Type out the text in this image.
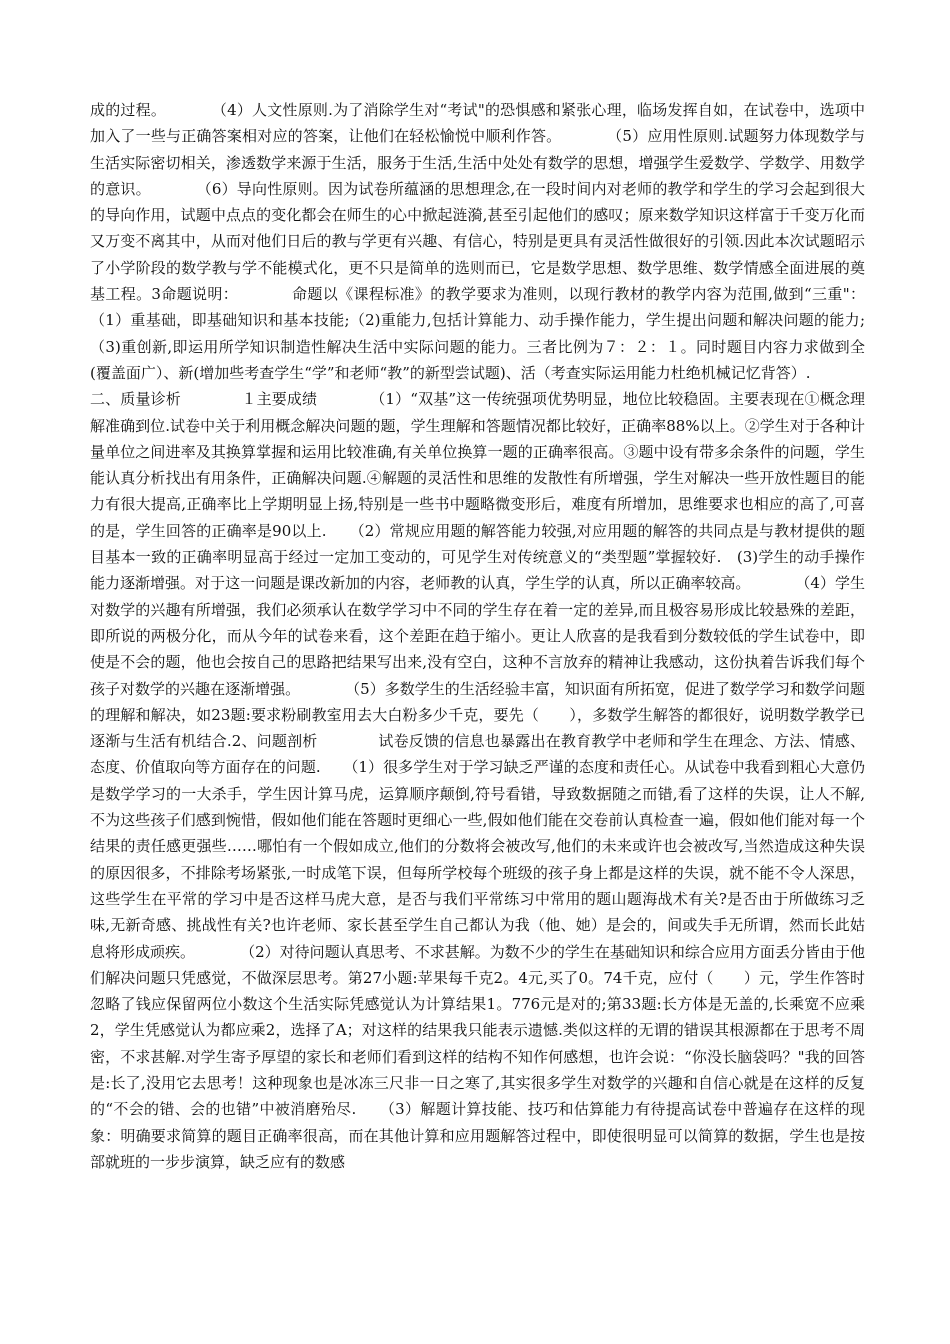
成的过程。　　　　（4）人文性原则.为了消除学生对“考试"的恐惧感和紧张心理，临场发挥自如，在试卷中，选项中加入了一些与正确答案相对应的答案，让他们在轻松愉悦中顺利作答。　　　　（5）应用性原则.试题努力体现数学与生活实际密切相关，渗透数学来源于生活，服务于生活,生活中处处有数学的思想，增强学生爱数学、学数学、用数学的意识。　　　　（6）导向性原则。因为试卷所蕴涵的思想理念,在一段时间内对老师的教学和学生的学习会起到很大的导向作用，试题中点点的变化都会在师生的心中掀起涟漪,甚至引起他们的感叹；原来数学知识这样富于千变万化而又万变不离其中，从而对他们日后的教与学更有兴趣、有信心，特别是更具有灵活性做很好的引领.因此本次试题昭示了小学阶段的数学教与学不能模式化，更不只是简单的选则而已，它是数学思想、数学思维、数学情感全面进展的奠基工程。3命题说明：　　　　命题以《课程标准》的教学要求为准则，以现行教材的教学内容为范围,做到“三重"：（1）重基础，即基础知识和基本技能;（2)重能力,包括计算能力、动手操作能力，学生提出问题和解决问题的能力;（3)重创新,即运用所学知识制造性解决生活中实际问题的能力。三者比例为７：２：１。同时题目内容力求做到全(覆盖面广）、新(增加些考查学生“学”和老师“教”的新型尝试题)、活（考查实际运用能力杜绝机械记忆背答）.

二、质量诊析　　　　１主要成绩　　　　（1）“双基”这一传统强项优势明显，地位比较稳固。主要表现在①概念理解准确到位.试卷中关于利用概念解决问题的题，学生理解和答题情况都比较好，正确率88%以上。②学生对于各种计量单位之间进率及其换算掌握和运用比较准确,有关单位换算一题的正确率很高。③题中设有带多余条件的问题，学生能认真分析找出有用条件，正确解决问题.④解题的灵活性和思维的发散性有所增强，学生对解决一些开放性题目的能力有很大提高,正确率比上学期明显上扬,特别是一些书中题略微变形后，难度有所增加，思维要求也相应的高了,可喜的是，学生回答的正确率是90以上.　　（2）常规应用题的解答能力较强,对应用题的解答的共同点是与教材提供的题目基本一致的正确率明显高于经过一定加工变动的，可见学生对传统意义的“类型题”掌握较好.　(3)学生的动手操作能力逐渐增强。对于这一问题是课改新加的内容，老师教的认真，学生学的认真，所以正确率较高。　　　　（4）学生对数学的兴趣有所增强，我们必须承认在数学学习中不同的学生存在着一定的差异,而且极容易形成比较悬殊的差距，即所说的两极分化，而从今年的试卷来看，这个差距在趋于缩小。更让人欣喜的是我看到分数较低的学生试卷中，即使是不会的题，他也会按自己的思路把结果写出来,没有空白，这种不言放弃的精神让我感动，这份执着告诉我们每个孩子对数学的兴趣在逐渐增强。　　　　（5）多数学生的生活经验丰富，知识面有所拓宽，促进了数学学习和数学问题的理解和解决，如23题:要求粉刷教室用去大白粉多少千克，要先（　　），多数学生解答的都很好，说明数学教学已逐渐与生活有机结合.2、问题剖析　　　　试卷反馈的信息也暴露出在教育教学中老师和学生在理念、方法、情感、态度、价值取向等方面存在的问题.　　（1）很多学生对于学习缺乏严谨的态度和责任心。从试卷中我看到粗心大意仍是数学学习的一大杀手，学生因计算马虎，运算顺序颠倒,符号看错，导致数据随之而错,看了这样的失误，让人不解,不为这些孩子们感到惋惜，假如他们能在答题时更细心一些,假如他们能在交卷前认真检查一遍，假如他们能对每一个结果的责任感更强些……哪怕有一个假如成立,他们的分数将会被改写,他们的未来或许也会被改写,当然造成这种失误的原因很多，不排除考场紧张,一时成笔下误，但每所学校每个班级的孩子身上都是这样的失误，就不能不令人深思，这些学生在平常的学习中是否这样马虎大意，是否与我们平常练习中常用的题山题海战术有关?是否由于所做练习乏味,无新奇感、挑战性有关?也许老师、家长甚至学生自己都认为我（他、她）是会的，间或失手无所谓，然而长此姑息将形成顽疾。　　　　（2）对待问题认真思考、不求甚解。为数不少的学生在基础知识和综合应用方面丢分皆由于他们解决问题只凭感觉，不做深层思考。第27小题:苹果每千克2。4元,买了0。74千克，应付（　　）元，学生作答时忽略了钱应保留两位小数这个生活实际凭感觉认为计算结果1。776元是对的;第33题:长方体是无盖的,长乘宽不应乘2，学生凭感觉认为都应乘2，选择了A；对这样的结果我只能表示遗憾.类似这样的无谓的错误其根源都在于思考不周密，不求甚解.对学生寄予厚望的家长和老师们看到这样的结构不知作何感想，也许会说：“你没长脑袋吗？"我的回答是:长了,没用它去思考！这种现象也是冰冻三尺非一日之寒了,其实很多学生对数学的兴趣和自信心就是在这样的反复的“不会的错、会的也错”中被消磨殆尽.　　（3）解题计算技能、技巧和估算能力有待提高试卷中普遍存在这样的现象：明确要求简算的题目正确率很高，而在其他计算和应用题解答过程中，即使很明显可以简算的数据，学生也是按部就班的一步步演算，缺乏应有的数感
